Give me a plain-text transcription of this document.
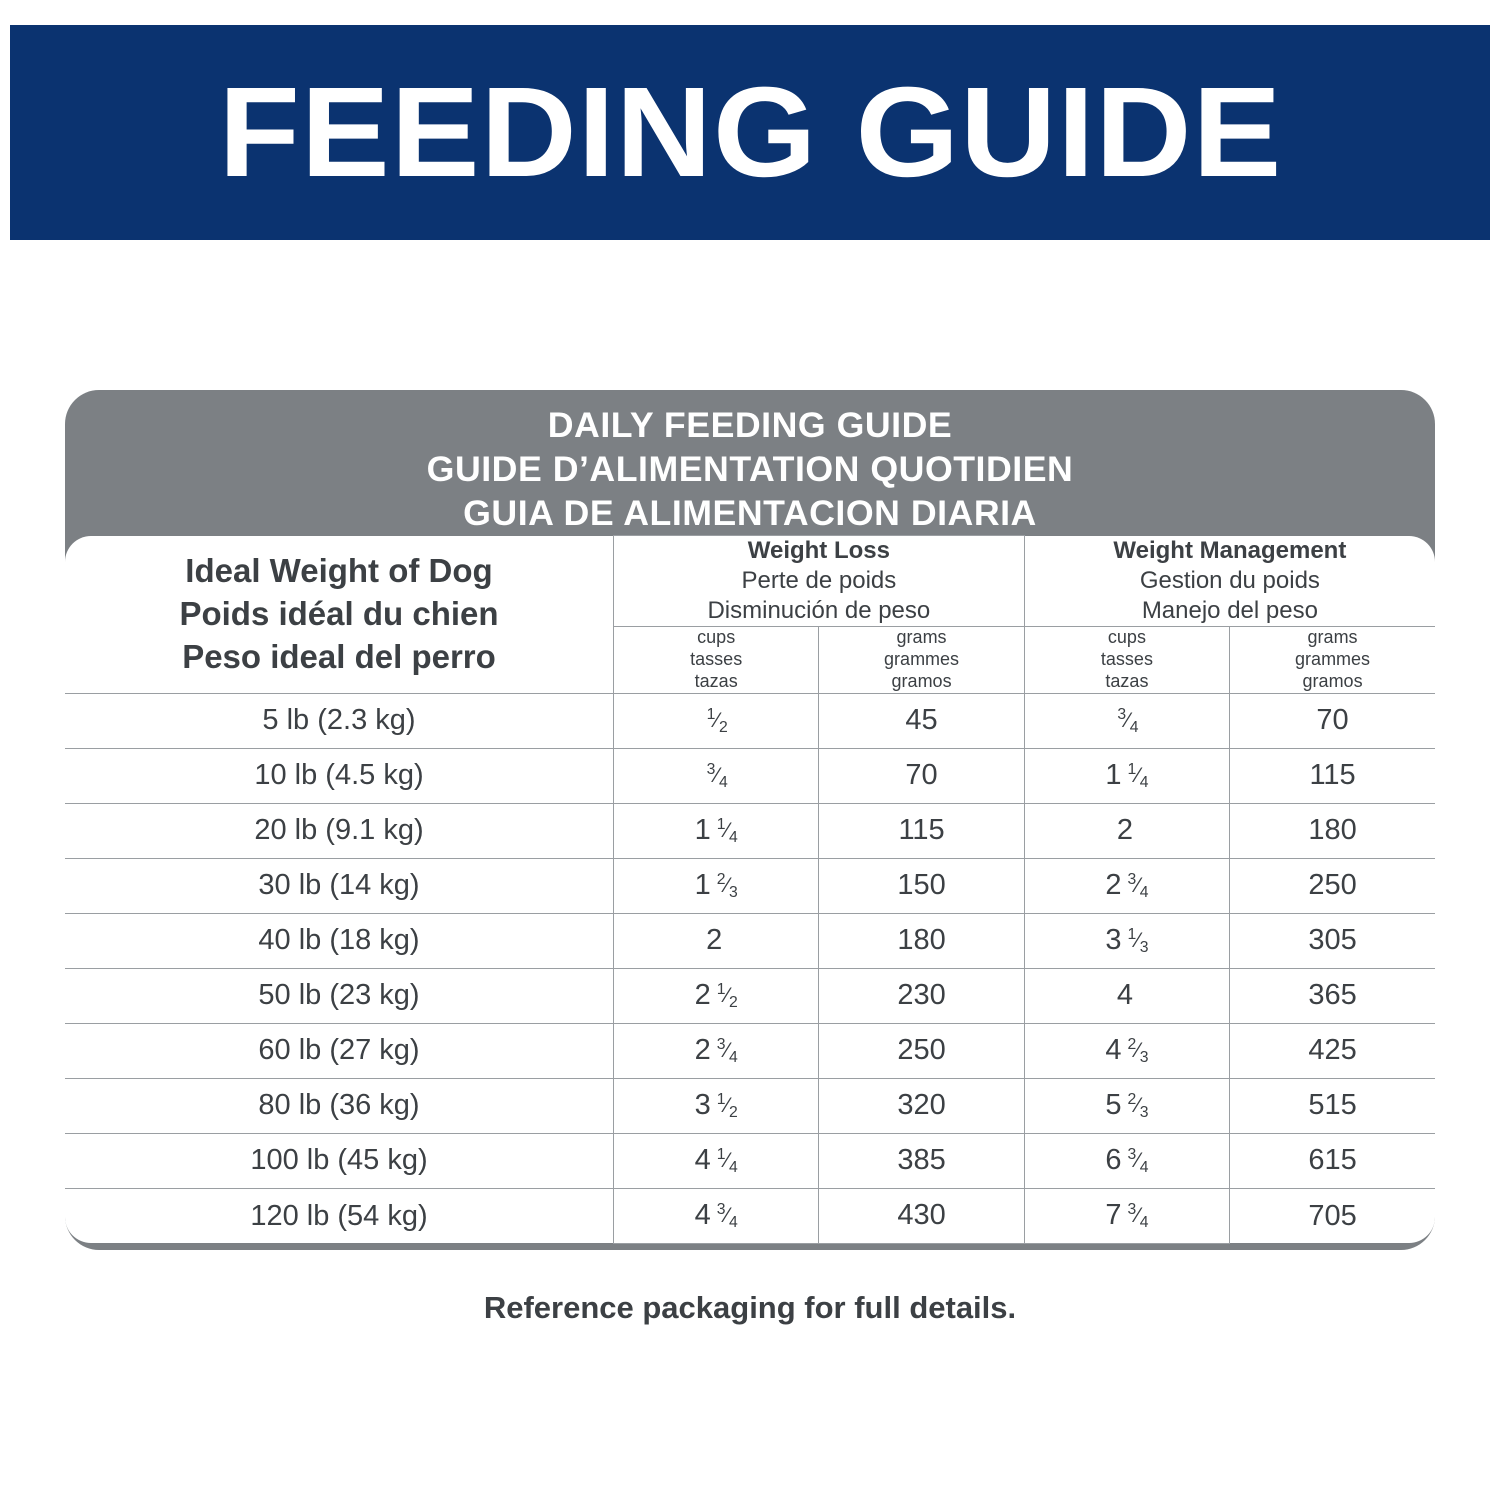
FEEDING GUIDE
DAILY FEEDING GUIDE
GUIDE D’ALIMENTATION QUOTIDIEN
GUIA DE ALIMENTACION DIARIA
Ideal Weight of Dog
Poids idéal du chien
Peso ideal del perro

Weight Loss
Perte de poids
Disminución de peso

Weight Management
Gestion du poids
Manejo del peso

cups
tasses
tazas

grams
grammes
gramos

cups
tasses
tazas

grams
grammes
gramos

5 lb (2.3 kg)	$^1⁄_2$	45	$^3⁄_4$	70
10 lb (4.5 kg)	$^3⁄_4$	70	1 $^1⁄_4$	115
20 lb (9.1 kg)	1 $^1⁄_4$	115	2	180
30 lb (14 kg)	1 $^2⁄_3$	150	2 $^3⁄_4$	250
40 lb (18 kg)	2	180	3 $^1⁄_3$	305
50 lb (23 kg)	2 $^1⁄_2$	230	4	365
60 lb (27 kg)	2 $^3⁄_4$	250	4 $^2⁄_3$	425
80 lb (36 kg)	3 $^1⁄_2$	320	5 $^2⁄_3$	515
100 lb (45 kg)	4 $^1⁄_4$	385	6 $^3⁄_4$	615
120 lb (54 kg)	4 $^3⁄_4$	430	7 $^3⁄_4$	705
Reference packaging for full details.
